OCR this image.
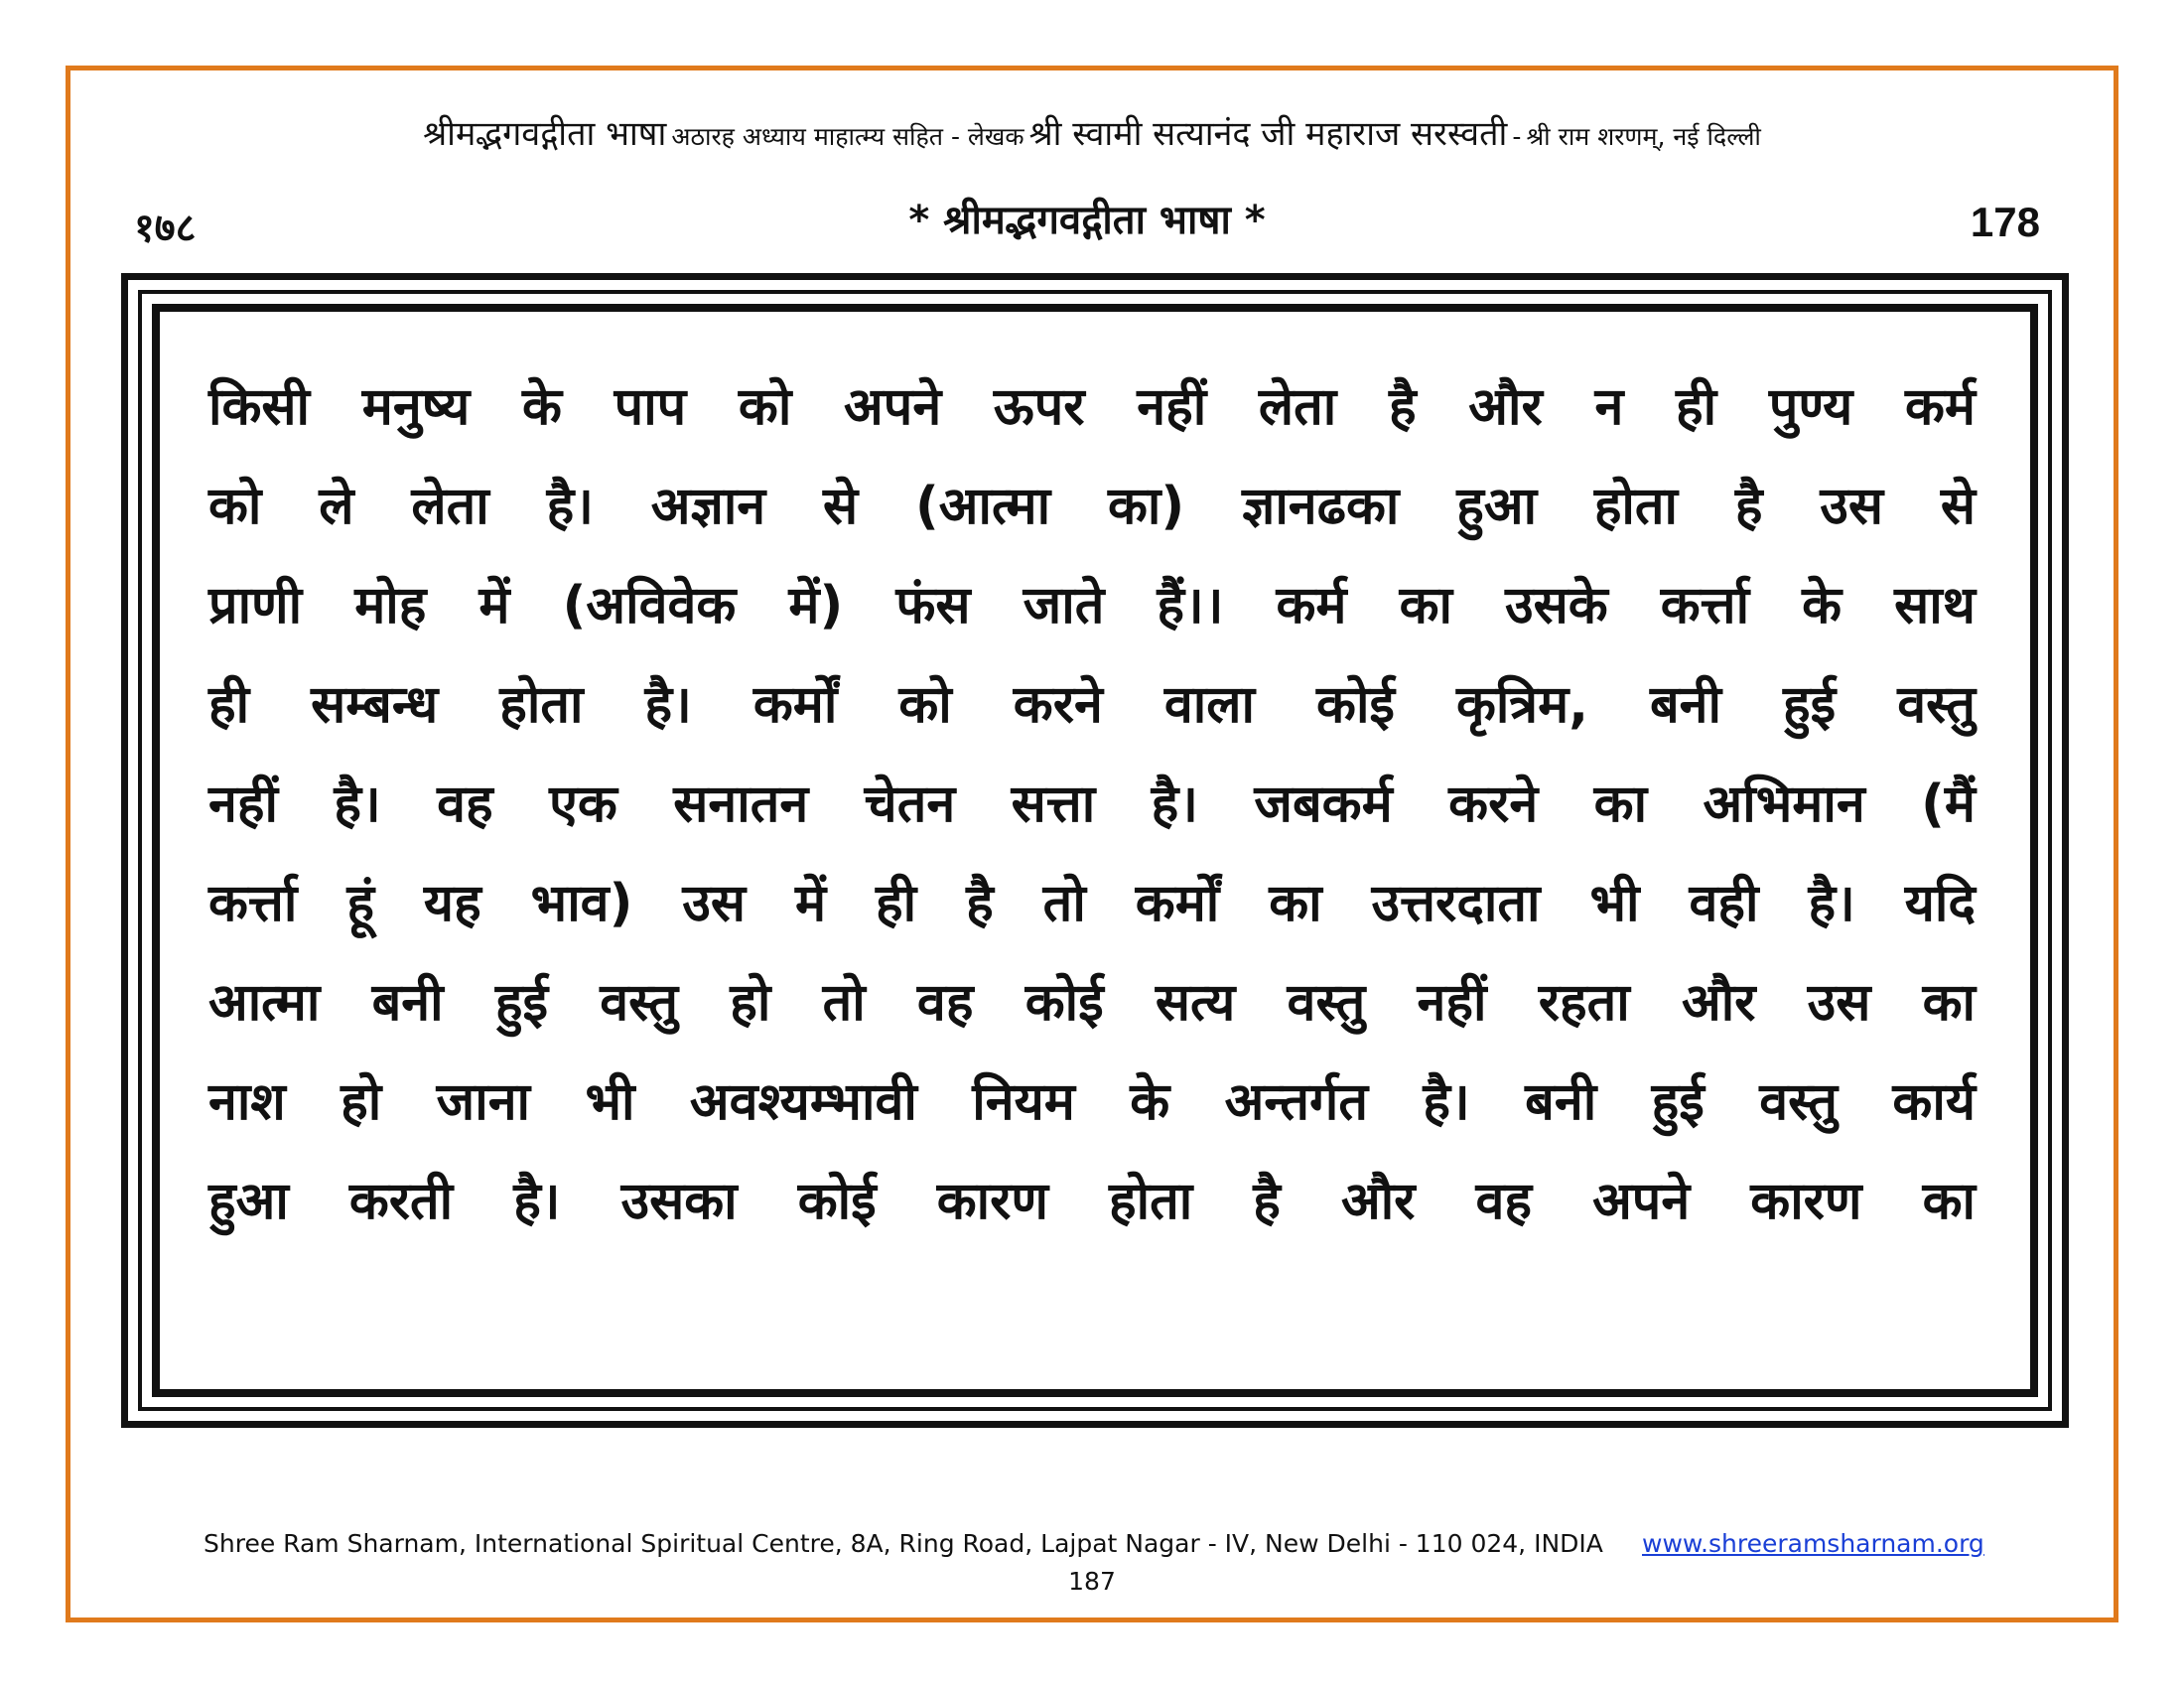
श्रीमद्भगवद्गीता भाषा अठारह अध्याय माहात्म्य सहित - लेखक श्री स्वामी सत्यानंद जी महाराज सरस्वती - श्री राम शरणम्, नई दिल्ली
१७८	* श्रीमद्भगवद्गीता भाषा *	178
किसी मनुष्य के पाप को अपने ऊपर नहीं लेता है और न ही पुण्य कर्म
को ले लेता है। अज्ञान से (आत्मा का) ज्ञानढका हुआ होता है उस से
प्राणी मोह में (अविवेक में) फंस जाते हैं।। कर्म का उसके कर्त्ता के साथ
ही सम्बन्ध होता है। कर्मों को करने वाला कोई कृत्रिम, बनी हुई वस्तु
नहीं है। वह एक सनातन चेतन सत्ता है। जबकर्म करने का अभिमान (मैं
कर्त्ता हूं यह भाव) उस में ही है तो कर्मों का उत्तरदाता भी वही है। यदि
आत्मा बनी हुई वस्तु हो तो वह कोई सत्य वस्तु नहीं रहता और उस का
नाश हो जाना भी अवश्यम्भावी नियम के अन्तर्गत है। बनी हुई वस्तु कार्य
हुआ करती है। उसका कोई कारण होता है और वह अपने कारण का
Shree Ram Sharnam, International Spiritual Centre, 8A, Ring Road, Lajpat Nagar - IV, New Delhi - 110 024, INDIA www.shreeramsharnam.org
187
